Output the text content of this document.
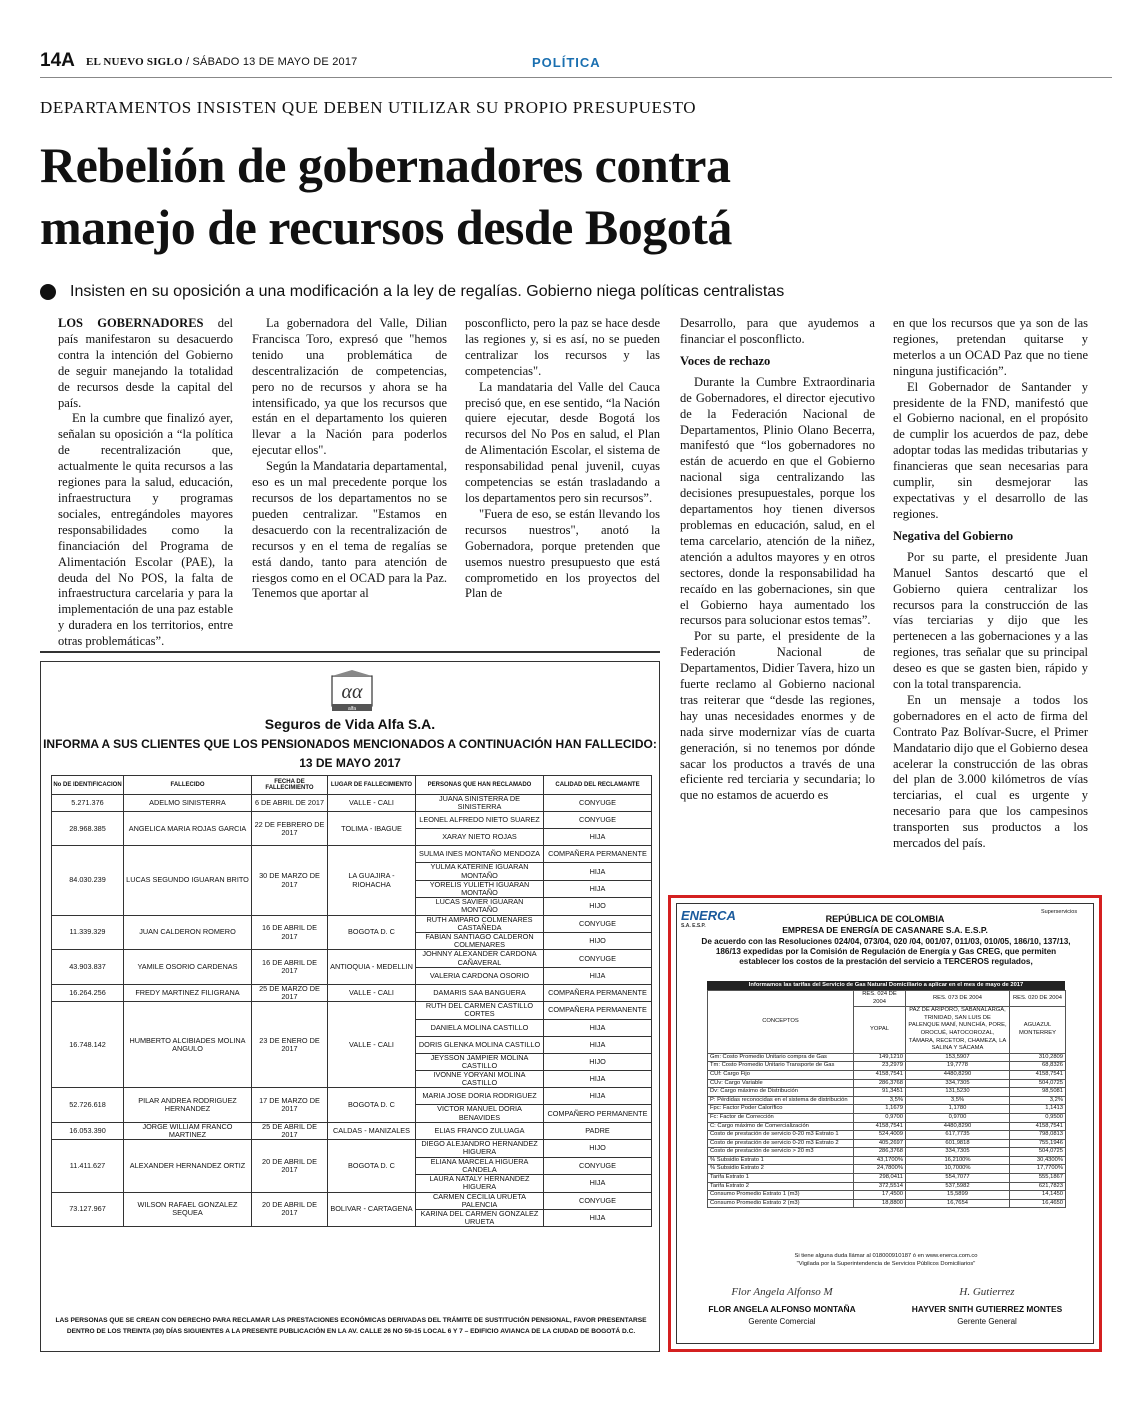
14A EL NUEVO SIGLO / SÁBADO 13 DE MAYO DE 2017	POLÍTICA
DEPARTAMENTOS INSISTEN QUE DEBEN UTILIZAR SU PROPIO PRESUPUESTO
Rebelión de gobernadores contra
manejo de recursos desde Bogotá
Insisten en su oposición a una modificación a la ley de regalías. Gobierno niega políticas centralistas

LOS GOBERNADORES del país manifestaron su desacuerdo contra la intención del Gobierno de seguir manejando la totalidad de recursos desde la capital del país.

En la cumbre que finalizó ayer, señalan su oposición a “la política de recentralización que, actualmente le quita recursos a las regiones para la salud, educación, infraestructura y programas sociales, entregándoles mayores responsabilidades como la financiación del Programa de Alimentación Escolar (PAE), la deuda del No POS, la falta de infraestructura carcelaria y para la implementación de una paz estable y duradera en los territorios, entre otras problemáticas”.

La gobernadora del Valle, Dilian Francisca Toro, expresó que "hemos tenido una problemática de descentralización de competencias, pero no de recursos y ahora se ha intensificado, ya que los recursos que están en el departamento los quieren llevar a la Nación para poderlos ejecutar ellos".

Según la Mandataria departamental, eso es un mal precedente porque los recursos de los departamentos no se pueden centralizar. "Estamos en desacuerdo con la recentralización de recursos y en el tema de regalías se está dando, tanto para atención de riesgos como en el OCAD para la Paz. Tenemos que aportar al

posconflicto, pero la paz se hace desde las regiones y, si es así, no se pueden centralizar los recursos y las competencias".

La mandataria del Valle del Cauca precisó que, en ese sentido, “la Nación quiere ejecutar, desde Bogotá los recursos del No Pos en salud, el Plan de Alimentación Escolar, el sistema de responsabilidad penal juvenil, cuyas competencias se están trasladando a los departamentos pero sin recursos”.

"Fuera de eso, se están llevando los recursos nuestros", anotó la Gobernadora, porque pretenden que usemos nuestro presupuesto que está comprometido en los proyectos del Plan de

Desarrollo, para que ayudemos a financiar el posconflicto.

Voces de rechazo

Durante la Cumbre Extraordinaria de Gobernadores, el director ejecutivo de la Federación Nacional de Departamentos, Plinio Olano Becerra, manifestó que “los gobernadores no están de acuerdo en que el Gobierno nacional siga centralizando las decisiones presupuestales, porque los departamentos hoy tienen diversos problemas en educación, salud, en el tema carcelario, atención de la niñez, atención a adultos mayores y en otros sectores, donde la responsabilidad ha recaído en las gobernaciones, sin que el Gobierno haya aumentado los recursos para solucionar estos temas”.

Por su parte, el presidente de la Federación Nacional de Departamentos, Didier Tavera, hizo un fuerte reclamo al Gobierno nacional tras reiterar que “desde las regiones, hay unas necesidades enormes y de nada sirve modernizar vías de cuarta generación, si no tenemos por dónde sacar los productos a través de una eficiente red terciaria y secundaria; lo que no estamos de acuerdo es

en que los recursos que ya son de las regiones, pretendan quitarse y meterlos a un OCAD Paz que no tiene ninguna justificación”.

El Gobernador de Santander y presidente de la FND, manifestó que el Gobierno nacional, en el propósito de cumplir los acuerdos de paz, debe adoptar todas las medidas tributarias y financieras que sean necesarias para cumplir, sin desmejorar las expectativas y el desarrollo de las regiones.

Negativa del Gobierno

Por su parte, el presidente Juan Manuel Santos descartó que el Gobierno quiera centralizar los recursos para la construcción de las vías terciarias y dijo que les pertenecen a las gobernaciones y a las regiones, tras señalar que su principal deseo es que se gasten bien, rápido y con la total transparencia.

En un mensaje a todos los gobernadores en el acto de firma del Contrato Paz Bolívar-Sucre, el Primer Mandatario dijo que el Gobierno desea acelerar la construcción de las obras del plan de 3.000 kilómetros de vías terciarias, el cual es urgente y necesario para que los campesinos transporten sus productos a los mercados del país.

αα
alfa
Seguros de Vida Alfa S.A.
INFORMA A SUS CLIENTES QUE LOS PENSIONADOS MENCIONADOS A CONTINUACIÓN HAN FALLECIDO:
13 DE MAYO 2017
No DE IDENTIFICACION	FALLECIDO	FECHA DE FALLECIMIENTO	LUGAR DE FALLECIMIENTO	PERSONAS QUE HAN RECLAMADO	CALIDAD DEL RECLAMANTE
5.271.376	ADELMO SINISTERRA	6 DE ABRIL DE 2017	VALLE - CALI	JUANA SINISTERRA DE SINISTERRA	CONYUGE
28.968.385	ANGELICA MARIA ROJAS GARCIA	22 DE FEBRERO DE 2017	TOLIMA - IBAGUE	LEONEL ALFREDO NIETO SUAREZ	CONYUGE
				XARAY NIETO ROJAS	HIJA
84.030.239	LUCAS SEGUNDO IGUARAN BRITO	30 DE MARZO DE 2017	LA GUAJIRA - RIOHACHA	SULMA INES MONTAÑO MENDOZA	COMPAÑERA PERMANENTE
				YULMA KATERINE IGUARAN MONTAÑO	HIJA
				YORELIS YULIETH IGUARAN MONTAÑO	HIJA
				LUCAS SAVIER IGUARAN MONTAÑO	HIJO
11.339.329	JUAN CALDERON ROMERO	16 DE ABRIL DE 2017	BOGOTA D. C	RUTH AMPARO COLMENARES CASTAÑEDA	CONYUGE
				FABIAN SANTIAGO CALDERON COLMENARES	HIJO
43.903.837	YAMILE OSORIO CARDENAS	16 DE ABRIL DE 2017	ANTIOQUIA - MEDELLIN	JOHNNY ALEXANDER CARDONA CAÑAVERAL	CONYUGE
				VALERIA CARDONA OSORIO	HIJA
16.264.256	FREDY MARTINEZ FILIGRANA	25 DE MARZO DE 2017	VALLE - CALI	DAMARIS SAA BANGUERA	COMPAÑERA PERMANENTE
16.748.142	HUMBERTO ALCIBIADES MOLINA ANGULO	23 DE ENERO DE 2017	VALLE - CALI	RUTH DEL CARMEN CASTILLO CORTES	COMPAÑERA PERMANENTE
				DANIELA MOLINA CASTILLO	HIJA
				DORIS GLENKA MOLINA CASTILLO	HIJA
				JEYSSON JAMPIER MOLINA CASTILLO	HIJO
				IVONNE YORYANI MOLINA CASTILLO	HIJA
52.726.618	PILAR ANDREA RODRIGUEZ HERNANDEZ	17 DE MARZO DE 2017	BOGOTA D. C	MARIA JOSE DORIA RODRIGUEZ	HIJA
				VICTOR MANUEL DORIA BENAVIDES	COMPAÑERO PERMANENTE
16.053.390	JORGE WILLIAM FRANCO MARTINEZ	25 DE ABRIL DE 2017	CALDAS - MANIZALES	ELIAS FRANCO ZULUAGA	PADRE
11.411.627	ALEXANDER HERNANDEZ ORTIZ	20 DE ABRIL DE 2017	BOGOTA D. C	DIEGO ALEJANDRO HERNANDEZ HIGUERA	HIJO
				ELIANA MARCELA HIGUERA CANDELA	CONYUGE
				LAURA NATALY HERNANDEZ HIGUERA	HIJA
73.127.967	WILSON RAFAEL GONZALEZ SEQUEA	20 DE ABRIL DE 2017	BOLIVAR - CARTAGENA	CARMEN CECILIA URUETA PALENCIA	CONYUGE
				KARINA DEL CARMEN GONZALEZ URUETA	HIJA
LAS PERSONAS QUE SE CREAN CON DERECHO PARA RECLAMAR LAS PRESTACIONES ECONÓMICAS DERIVADAS DEL TRÁMITE DE SUSTITUCIÓN PENSIONAL, FAVOR PRESENTARSE DENTRO DE LOS TREINTA (30) DÍAS SIGUIENTES A LA PRESENTE PUBLICACIÓN EN LA AV. CALLE 26 NO 59-15 LOCAL 6 Y 7 – EDIFICIO AVIANCA DE LA CIUDAD DE BOGOTÁ D.C.
ENERCA
S.A. E.S.P.
Superservicios
REPÚBLICA DE COLOMBIA
EMPRESA DE ENERGÍA DE CASANARE S.A. E.S.P.
De acuerdo con las Resoluciones 024/04, 073/04, 020 /04, 001/07, 011/03, 010/05, 186/10, 137/13, 186/13 expedidas por la Comisión de Regulación de Energía y Gas CREG, que permiten establecer los costos de la prestación del servicio a TERCEROS regulados,
Informamos las tarifas del Servicio de Gas Natural Domiciliario a aplicar en el mes de mayo de 2017
CONCEPTOS	RES. 024 DE 2004	RES. 073 DE 2004	RES. 020 DE 2004
	YOPAL	PAZ DE ARIPORO, SABANALARGA, TRINIDAD, SAN LUIS DE PALENQUE MANÍ, NUNCHÍA, PORE, OROCUÉ, HATOCOROZAL, TÁMARA, RECETOR, CHAMEZA, LA SALINA Y SÁCAMA	AGUAZUL MONTERREY
Gm: Costo Promedio Unitario compra de Gas	149,1210	153,5907	310,2809
Tm: Costo Promedio Unitario Transporte de Gas	23,2979	19,7778	68,8326
CUf: Cargo Fijo	4158,7541	4480,8290	4158,7541
CUv: Cargo Variable	286,3768	334,7305	504,0725
Dv: Cargo máximo de Distribución	91,3451	131,5230	98,5081
P: Pérdidas reconocidas en el sistema de distribución	3,5%	3,5%	3,2%
Fpc: Factor Poder Calorífico	1,1679	1,1780	1,1413
Fc: Factor de Corrección	0,9700	0,9700	0,9500
C: Cargo máximo de Comercialización	4158,7541	4480,8290	4158,7541
Costo de prestación de servicio 0-20 m3 Estrato 1	524,4009	617,7735	798,0813
Costo de prestación de servicio 0-20 m3 Estrato 2	405,2697	601,9818	755,1946
Costo de prestación de servicio > 20 m3	286,3768	334,7305	504,0725
% Subsidio Estrato 1	43,1700%	16,2100%	30,4300%
% Subsidio Estrato 2	24,7800%	10,7000%	17,7700%
Tarifa Estrato 1	298,0411	554,7077	555,1867
Tarifa Estrato 2	372,5514	537,5982	621,7823
Consumo Promedio Estrato 1 (m3)	17,4500	15,5899	14,1450
Consumo Promedio Estrato 2 (m3)	18,8800	16,7654	16,4650
Si tiene alguna duda llámar al 018000910187 ó en www.enerca.com.co
"Vigilada por la Superintendencia de Servicios Públicos Domiciliarios"
Flor Angela Alfonso M
FLOR ANGELA ALFONSO MONTAÑA
Gerente Comercial
H. Gutierrez
HAYVER SNITH GUTIERREZ MONTES
Gerente General
